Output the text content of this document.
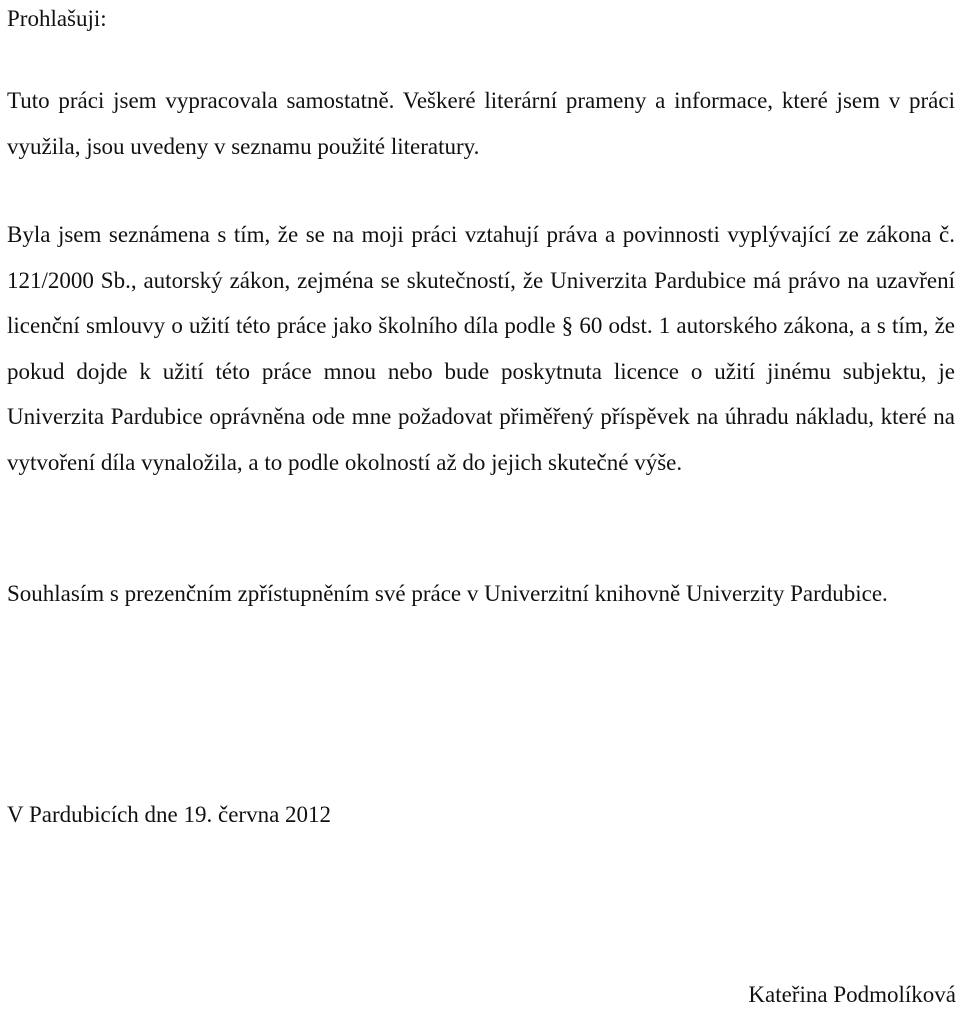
Prohlašuji:

Tuto práci jsem vypracovala samostatně. Veškeré literární prameny a informace, které jsem v práci využila, jsou uvedeny v seznamu použité literatury.

Byla jsem seznámena s tím, že se na moji práci vztahují práva a povinnosti vyplývající ze zákona č. 121/2000 Sb., autorský zákon, zejména se skutečností, že Univerzita Pardubice má právo na uzavření licenční smlouvy o užití této práce jako školního díla podle § 60 odst. 1 autorského zákona, a s tím, že pokud dojde k užití této práce mnou nebo bude poskytnuta licence o užití jinému subjektu, je Univerzita Pardubice oprávněna ode mne požadovat přiměřený příspěvek na úhradu nákladu, které na vytvoření díla vynaložila, a to podle okolností až do jejich skutečné výše.

Souhlasím s prezenčním zpřístupněním své práce v Univerzitní knihovně Univerzity Pardubice.

V Pardubicích dne 19. června 2012

Kateřina Podmolíková
